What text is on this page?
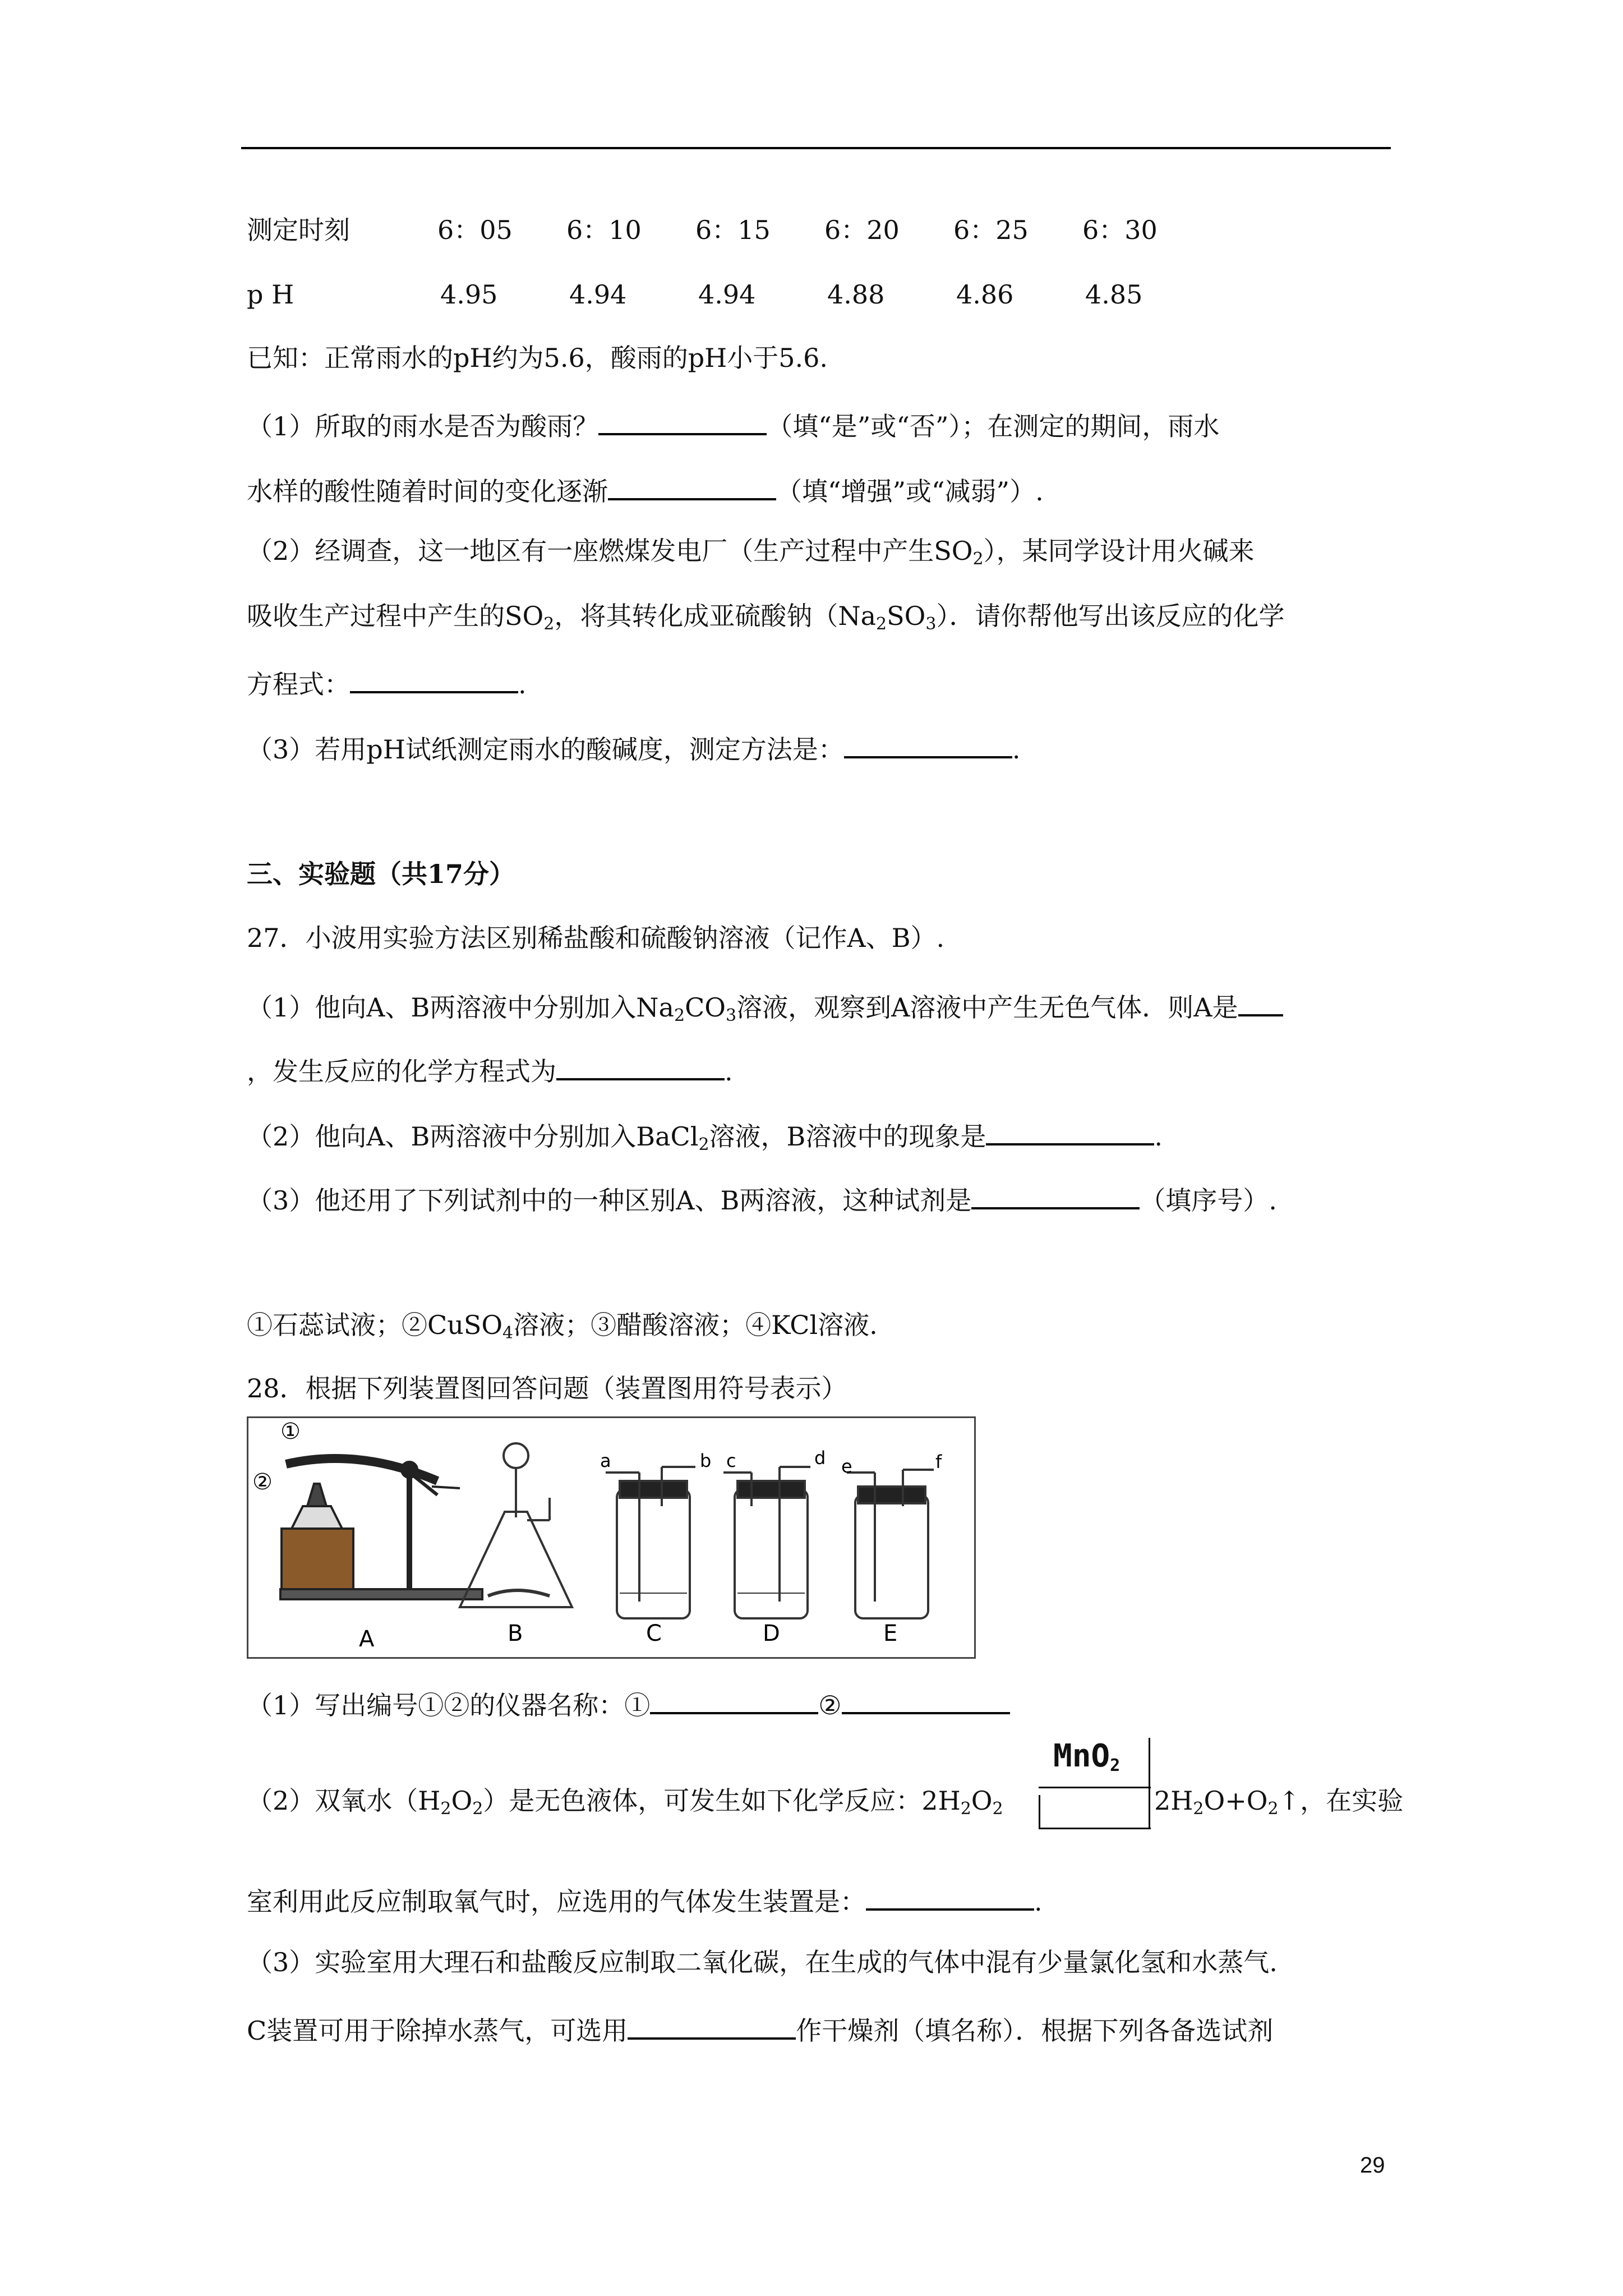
测定时刻	6：05 6：10 6：15 6：20 6：25 6：30
p H	4.95	4.94	4.94	4.88	4.86	4.85
已知：正常雨水的pH约为5.6，酸雨的pH小于5.6.
（1）所取的雨水是否为酸雨？	（填“是”或“否”）；在测定的期间，雨水
水样的酸性随着时间的变化逐渐	（填“增强”或“减弱”）.
（2）经调查，这一地区有一座燃煤发电厂（生产过程中产生$SO_2$），某同学设计用火碱来
吸收生产过程中产生的$SO_2$，将其转化成亚硫酸钠$(Na_2SO_3)$．请你帮他写出该反应的化学
方程式：	.
（3）若用pH试纸测定雨水的酸碱度，测定方法是：	.
三、实验题（共17分）
27．小波用实验方法区别稀盐酸和硫酸钠溶液（记作A、B）.
（1）他向A、B两溶液中分别加入$Na_2CO_3$溶液，观察到A溶液中产生无色气体．则A是
，发生反应的化学方程式为	.
（2）他向A、B两溶液中分别加入BaCl$_2$溶液，B溶液中的现象是	.
（3）他还用了下列试剂中的一种区别A、B两溶液，这种试剂是	（填序号）.
①石蕊试液；②CuSO$_4$溶液；③醋酸溶液；④KCl溶液.
28．根据下列装置图回答问题（装置图用符号表示）
①
②
A	B
a	b
C
c	d
D
e	f
E
（1）写出编号①②的仪器名称：①	②
MnO$_2$
（2）双氧水$(H_2O_2)$是无色液体，可发生如下化学反应：$2H_2O_2$	$2H_2O+O_2↑$，在实验
室利用此反应制取氧气时，应选用的气体发生装置是：	.
（3）实验室用大理石和盐酸反应制取二氧化碳，在生成的气体中混有少量氯化氢和水蒸气.
C装置可用于除掉水蒸气，可选用	作干燥剂（填名称）．根据下列各备选试剂
29
